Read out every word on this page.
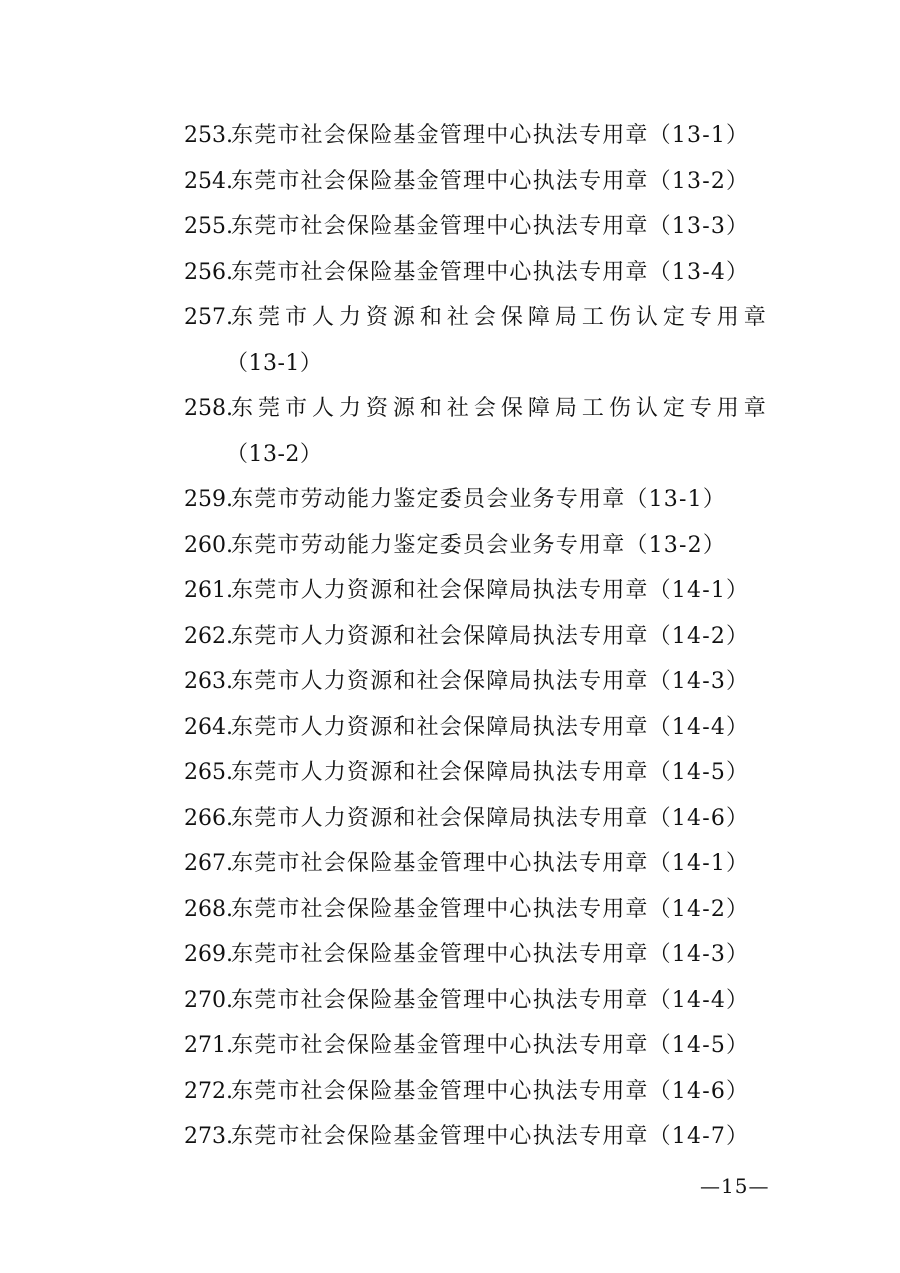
253.
东莞市社会保险基金管理中心执法专用章（13-1）
254.
东莞市社会保险基金管理中心执法专用章（13-2）
255.
东莞市社会保险基金管理中心执法专用章（13-3）
256.
东莞市社会保险基金管理中心执法专用章（13-4）
257.
东莞市人力资源和社会保障局工伤认定专用章
（13-1）
258.
东莞市人力资源和社会保障局工伤认定专用章
（13-2）
259.
东莞市劳动能力鉴定委员会业务专用章（13-1）
260.
东莞市劳动能力鉴定委员会业务专用章（13-2）
261.
东莞市人力资源和社会保障局执法专用章（14-1）
262.
东莞市人力资源和社会保障局执法专用章（14-2）
263.
东莞市人力资源和社会保障局执法专用章（14-3）
264.
东莞市人力资源和社会保障局执法专用章（14-4）
265.
东莞市人力资源和社会保障局执法专用章（14-5）
266.
东莞市人力资源和社会保障局执法专用章（14-6）
267.
东莞市社会保险基金管理中心执法专用章（14-1）
268.
东莞市社会保险基金管理中心执法专用章（14-2）
269.
东莞市社会保险基金管理中心执法专用章（14-3）
270.
东莞市社会保险基金管理中心执法专用章（14-4）
271.
东莞市社会保险基金管理中心执法专用章（14-5）
272.
东莞市社会保险基金管理中心执法专用章（14-6）
273.
东莞市社会保险基金管理中心执法专用章（14-7）
—15—
